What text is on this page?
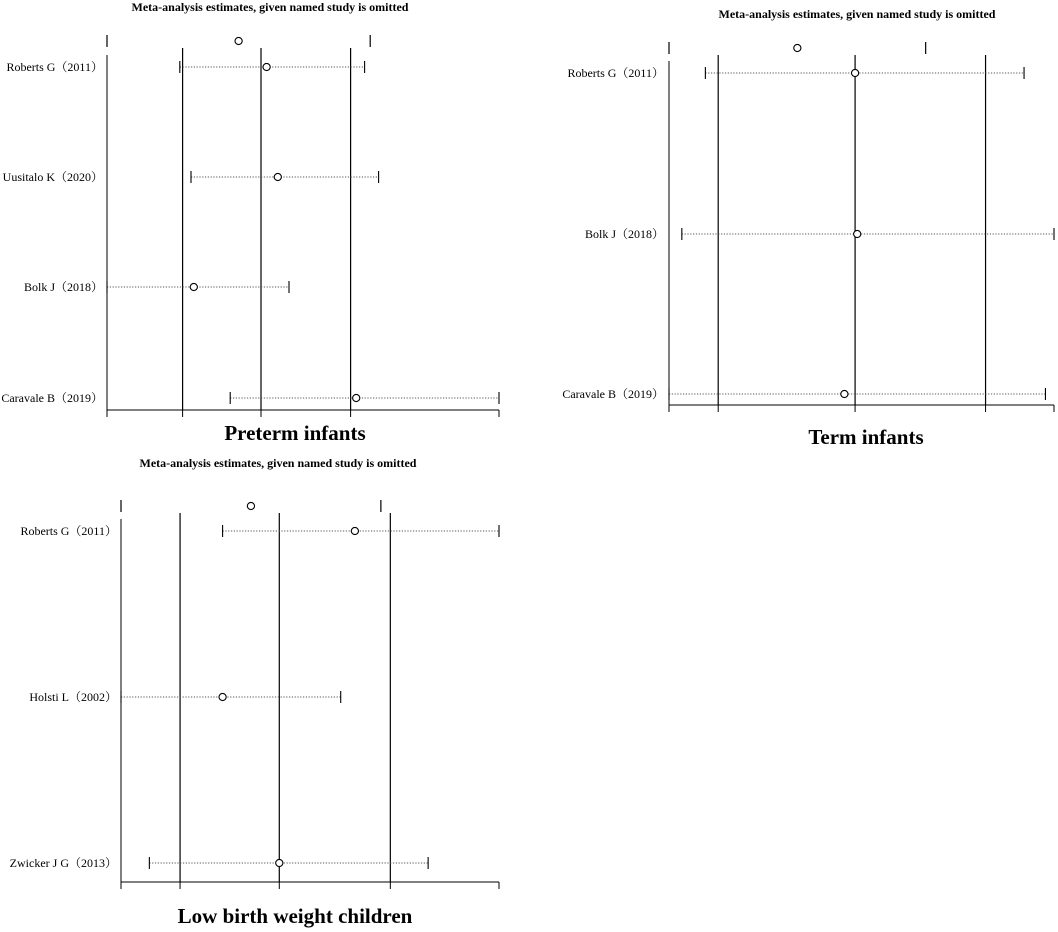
Meta-analysis estimates, given named study is omitted
Roberts G（2011）
Uusitalo K（2020）
Bolk J（2018）
Caravale B（2019）
Preterm infants
Meta-analysis estimates, given named study is omitted
Roberts G（2011）
Bolk J（2018）
Caravale B（2019）
Term infants
Meta-analysis estimates, given named study is omitted
Roberts G（2011）
Holsti L（2002）
Zwicker J G（2013）
Low birth weight children
